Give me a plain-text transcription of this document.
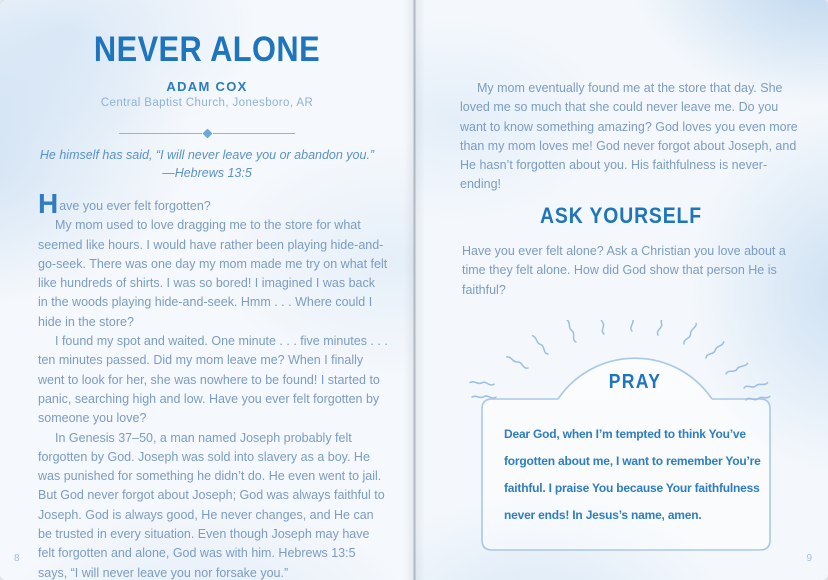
NEVER ALONE
ADAM COX
Central Baptist Church, Jonesboro, AR
He himself has said, “I will never leave you or abandon you.”
—Hebrews 13:5

Have you ever felt forgotten?

My mom used to love dragging me to the store for what seemed like hours. I would have rather been playing hide-and-go-seek. There was one day my mom made me try on what felt like hundreds of shirts. I was so bored! I imagined I was back in the woods playing hide-and-seek. Hmm . . . Where could I hide in the store?

I found my spot and waited. One minute . . . five minutes . . . ten minutes passed. Did my mom leave me? When I finally went to look for her, she was nowhere to be found! I started to panic, searching high and low. Have you ever felt forgotten by someone you love?

In Genesis 37–50, a man named Joseph probably felt forgotten by God. Joseph was sold into slavery as a boy. He was punished for something he didn’t do. He even went to jail. But God never forgot about Joseph; God was always faithful to Joseph. God is always good, He never changes, and He can be trusted in every situation. Even though Joseph may have felt forgotten and alone, God was with him. Hebrews 13:5 says, “I will never leave you nor forsake you.”

8

My mom eventually found me at the store that day. She loved me so much that she could never leave me. Do you want to know something amazing? God loves you even more than my mom loves me! God never forgot about Joseph, and He hasn’t forgotten about you. His faithfulness is never-ending!

ASK YOURSELF

Have you ever felt alone? Ask a Christian you love about a time they felt alone. How did God show that person He is faithful?

PRAY
Dear God, when I’m tempted to think You’ve forgotten about me, I want to remember You’re faithful. I praise You because Your faithfulness never ends! In Jesus’s name, amen.
9
